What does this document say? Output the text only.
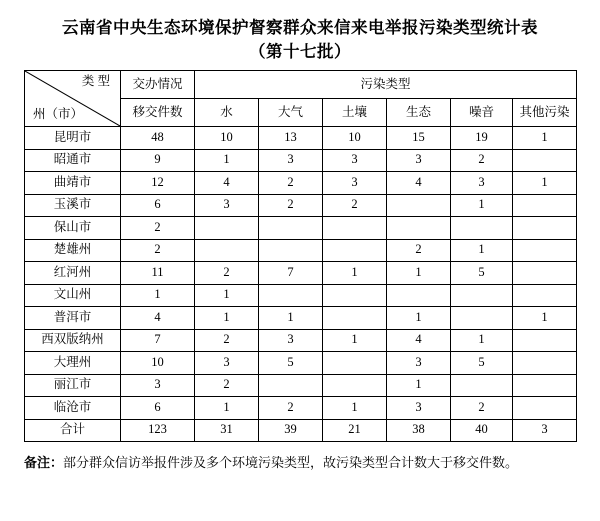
云南省中央生态环境保护督察群众来信来电举报污染类型统计表
（第十七批）
类 型
州（市）	交办情况	污染类型					
	移交件数	水	大气	土壤	生态	噪音	其他污染
昆明市	48	10	13	10	15	19	1
昭通市	9	1	3	3	3	2	
曲靖市	12	4	2	3	4	3	1
玉溪市	6	3	2	2		1	
保山市	2						
楚雄州	2				2	1	
红河州	11	2	7	1	1	5	
文山州	1	1					
普洱市	4	1	1		1		1
西双版纳州	7	2	3	1	4	1	
大理州	10	3	5		3	5	
丽江市	3	2			1		
临沧市	6	1	2	1	3	2	
合计	123	31	39	21	38	40	3
备注：部分群众信访举报件涉及多个环境污染类型，故污染类型合计数大于移交件数。
